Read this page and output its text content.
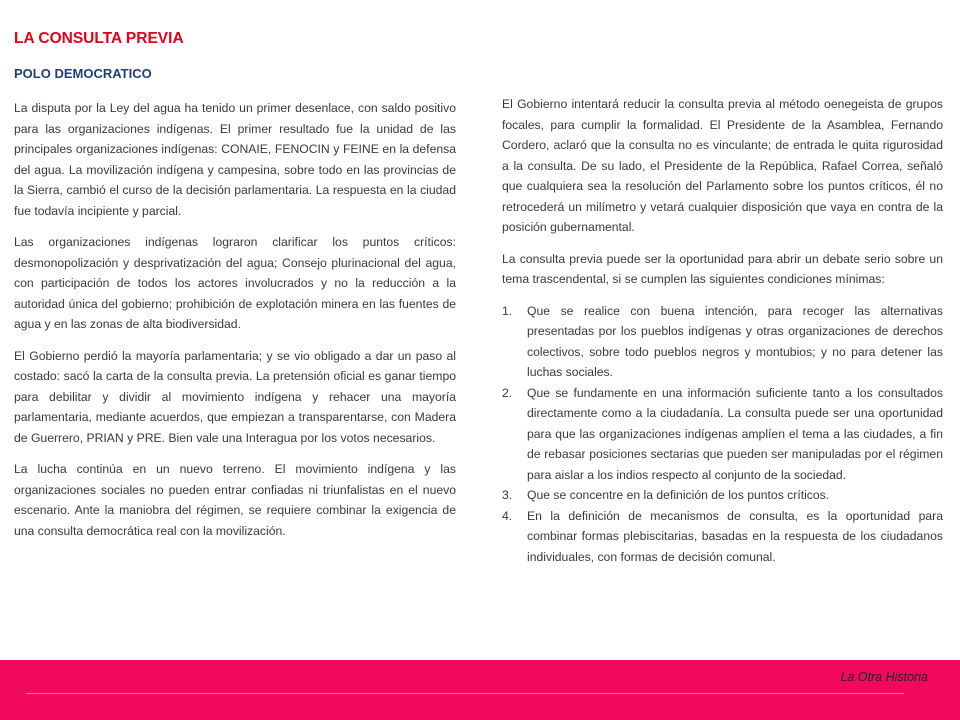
LA CONSULTA PREVIA
POLO DEMOCRATICO

La disputa por la Ley del agua ha tenido un primer desenlace, con saldo positivo para las organizaciones indígenas. El primer resultado fue la unidad de las principales organizaciones indígenas: CONAIE, FENOCIN y FEINE en la defensa del agua. La movilización indígena y campesina, sobre todo en las provincias de la Sierra, cambió el curso de la decisión parlamentaria. La respuesta en la ciudad fue todavía incipiente y parcial.

Las organizaciones indígenas lograron clarificar los puntos críticos: desmonopolización y desprivatización del agua; Consejo plurinacional del agua, con participación de todos los actores involucrados y no la reducción a la autoridad única del gobierno; prohibición de explotación minera en las fuentes de agua y en las zonas de alta biodiversidad.

El Gobierno perdió la mayoría parlamentaria; y se vio obligado a dar un paso al costado: sacó la carta de la consulta previa. La pretensión oficial es ganar tiempo para debilitar y dividir al movimiento indígena y rehacer una mayoría parlamentaria, mediante acuerdos, que empiezan a transparentarse, con Madera de Guerrero, PRIAN y PRE. Bien vale una Interagua por los votos necesarios.

La lucha continúa en un nuevo terreno. El movimiento indígena y las organizaciones sociales no pueden entrar confiadas ni triunfalistas en el nuevo escenario. Ante la maniobra del régimen, se requiere combinar la exigencia de una consulta democrática real con la movilización.

El Gobierno intentará reducir la consulta previa al método oenegeista de grupos focales, para cumplir la formalidad. El Presidente de la Asamblea, Fernando Cordero, aclaró que la consulta no es vinculante; de entrada le quita rigurosidad a la consulta. De su lado, el Presidente de la República, Rafael Correa, señaló que cualquiera sea la resolución del Parlamento sobre los puntos críticos, él no retrocederá un milímetro y vetará cualquier disposición que vaya en contra de la posición gubernamental.

La consulta previa puede ser la oportunidad para abrir un debate serio sobre un tema trascendental, si se cumplen las siguientes condiciones mínimas:

1. Que se realice con buena intención, para recoger las alternativas presentadas por los pueblos indígenas y otras organizaciones de derechos colectivos, sobre todo pueblos negros y montubios; y no para detener las luchas sociales.
2. Que se fundamente en una información suficiente tanto a los consultados directamente como a la ciudadanía. La consulta puede ser una oportunidad para que las organizaciones indígenas amplíen el tema a las ciudades, a fin de rebasar posiciones sectarias que pueden ser manipuladas por el régimen para aislar a los indios respecto al conjunto de la sociedad.
3. Que se concentre en la definición de los puntos críticos.
4. En la definición de mecanismos de consulta, es la oportunidad para combinar formas plebiscitarias, basadas en la respuesta de los ciudadanos individuales, con formas de decisión comunal.
La Otra Historia
